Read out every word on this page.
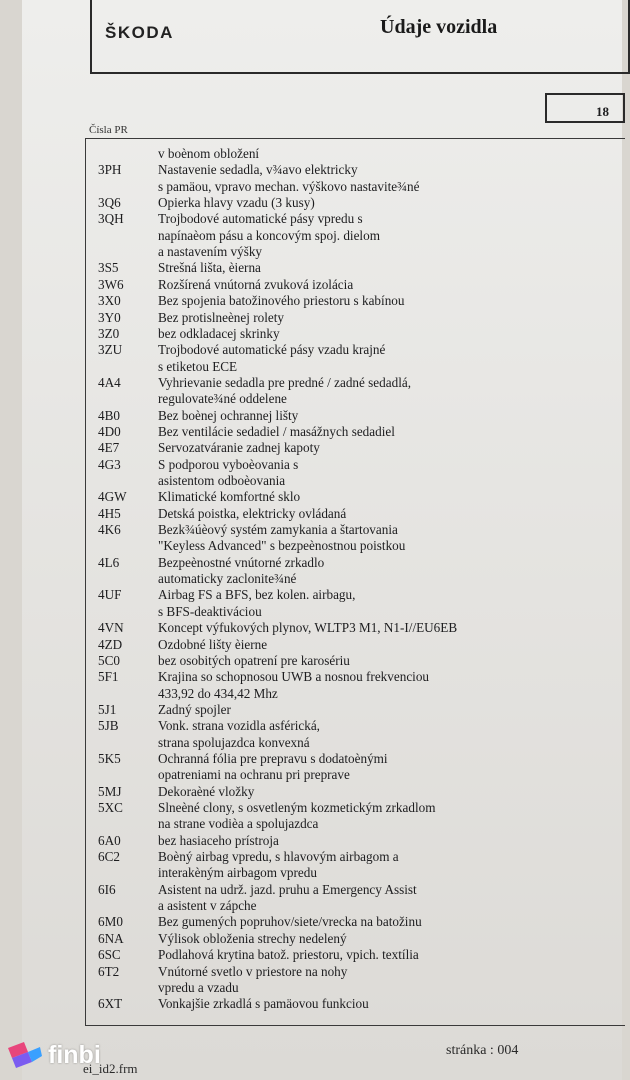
ŠKODA	Údaje vozidla
18
Čísla PR
v boènom obložení
3PH	Nastavenie sedadla, v¾avo elektricky
s pamäou, vpravo mechan. výškovo nastavite¾né
3Q6	Opierka hlavy vzadu (3 kusy)
3QH	Trojbodové automatické pásy vpredu s
napínaèom pásu a koncovým spoj. dielom
a nastavením výšky
3S5	Strešná lišta, èierna
3W6	Rozšírená vnútorná zvuková izolácia
3X0	Bez spojenia batožinového priestoru s kabínou
3Y0	Bez protislneènej rolety
3Z0	bez odkladacej skrinky
3ZU	Trojbodové automatické pásy vzadu krajné
s etiketou ECE
4A4	Vyhrievanie sedadla pre predné / zadné sedadlá,
regulovate¾né oddelene
4B0	Bez boènej ochrannej lišty
4D0	Bez ventilácie sedadiel / masážnych sedadiel
4E7	Servozatváranie zadnej kapoty
4G3	S podporou vyboèovania s
asistentom odboèovania
4GW Klimatické komfortné sklo
4H5	Detská poistka, elektricky ovládaná
4K6	Bezk¾úèový systém zamykania a štartovania
"Keyless Advanced" s bezpeènostnou poistkou
4L6	Bezpeènostné vnútorné zrkadlo
automaticky zaclonite¾né
4UF	Airbag FS a BFS, bez kolen. airbagu,
s BFS-deaktiváciou
4VN	Koncept výfukových plynov, WLTP3 M1, N1-I//EU6EB
4ZD	Ozdobné lišty èierne
5C0	bez osobitých opatrení pre karosériu
5F1	Krajina so schopnosou UWB a nosnou frekvenciou
433,92 do 434,42 Mhz
5J1	Zadný spojler
5JB	Vonk. strana vozidla asférická,
strana spolujazdca konvexná
5K5	Ochranná fólia pre prepravu s dodatoènými
opatreniami na ochranu pri preprave
5MJ	Dekoraèné vložky
5XC	Slneèné clony, s osvetleným kozmetickým zrkadlom
na strane vodièa a spolujazdca
6A0	bez hasiaceho prístroja
6C2	Boèný airbag vpredu, s hlavovým airbagom a
interakèným airbagom vpredu
6I6	Asistent na udrž. jazd. pruhu a Emergency Assist
a asistent v zápche
6M0	Bez gumených popruhov/siete/vrecka na batožinu
6NA	Výlisok obloženia strechy nedelený
6SC	Podlahová krytina batož. priestoru, vpich. textília
6T2	Vnútorné svetlo v priestore na nohy
vpredu a vzadu
6XT	Vonkajšie zrkadlá s pamäovou funkciou
stránka : 004
ei_id2.frm
finbi
